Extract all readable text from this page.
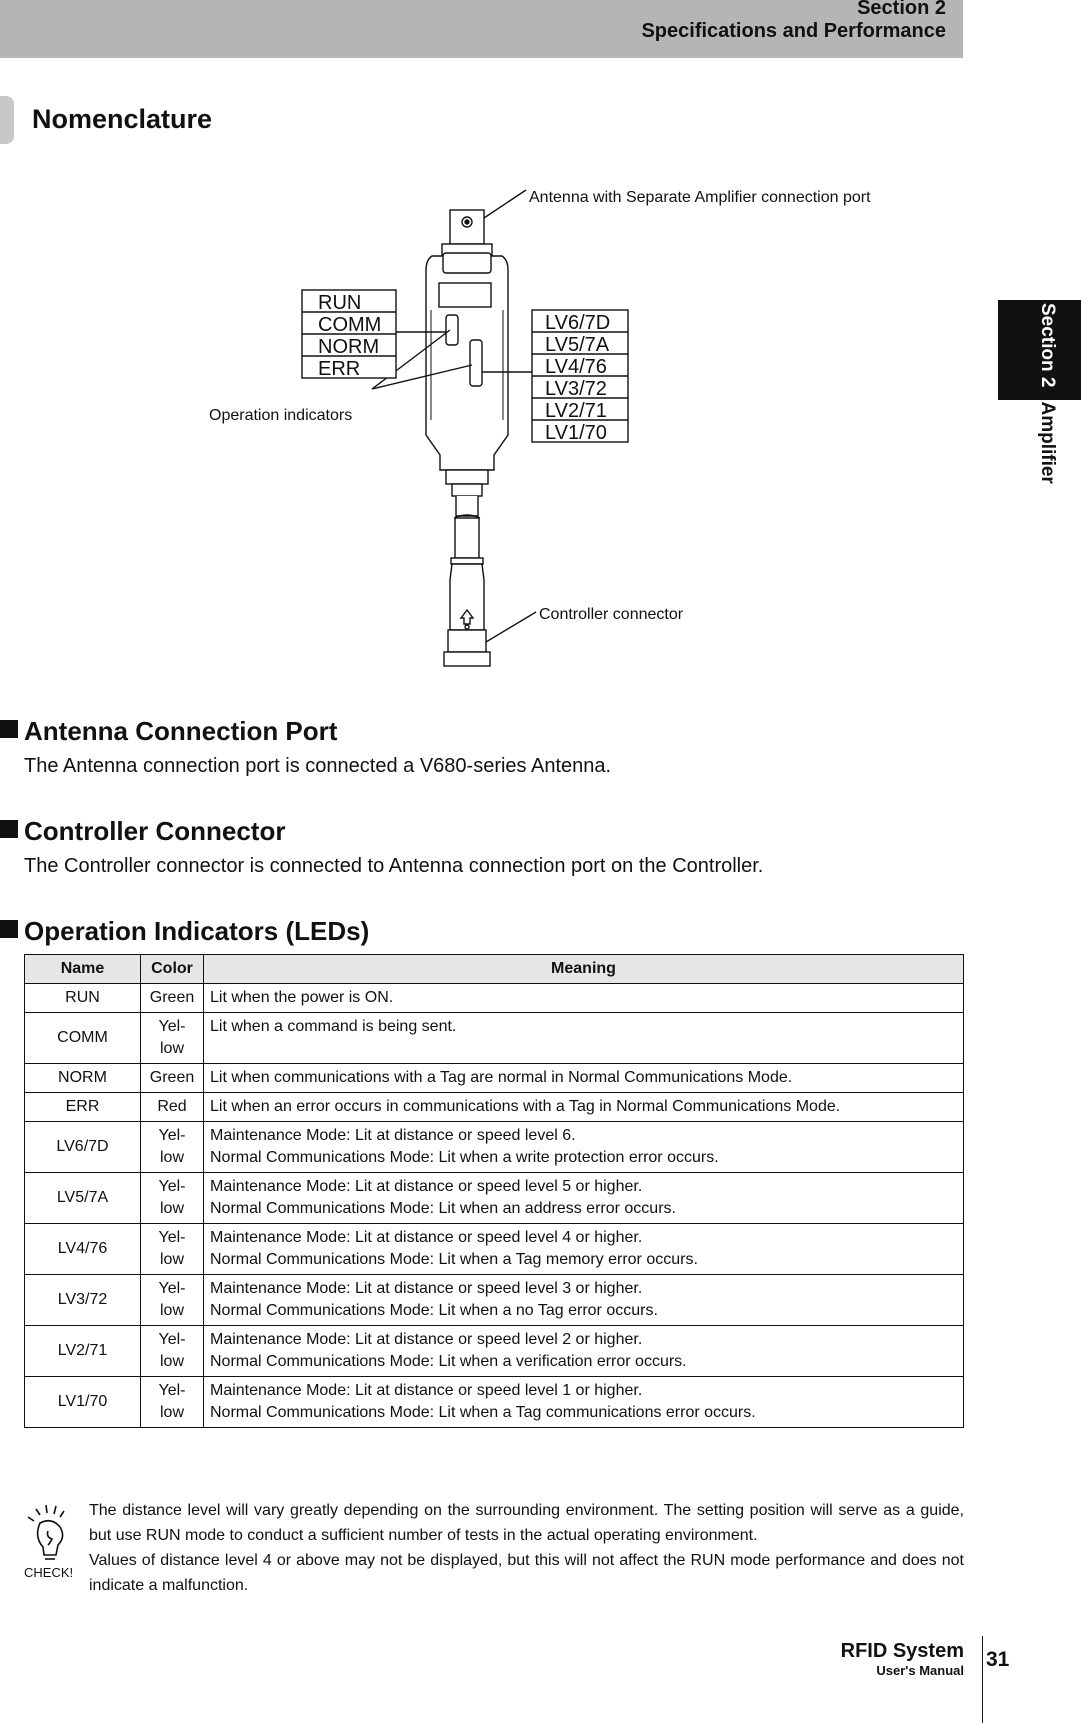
Section 2
Specifications and Performance
Section 2Amplifier
Nomenclature
Antenna with Separate Amplifier connection port
Operation indicators
Controller connector
RUN
COMM
NORM
ERR
LV6/7D
LV5/7A
LV4/76
LV3/72
LV2/71
LV1/70
Antenna Connection Port
The Antenna connection port is connected a V680-series Antenna.
Controller Connector
The Controller connector is connected to Antenna connection port on the Controller.
Operation Indicators (LEDs)
Name	Color	Meaning
RUN	Green	Lit when the power is ON.

COMM	Yel-low	Lit when a command is being sent.

NORM	Green	Lit when communications with a Tag are normal in Normal Communications Mode.

ERR	Red	Lit when an error occurs in communications with a Tag in Normal Communications Mode.

LV6/7D	Yel-low	Maintenance Mode: Lit at distance or speed level 6.
Normal Communications Mode: Lit when a write protection error occurs.

LV5/7A	Yel-low	Maintenance Mode: Lit at distance or speed level 5 or higher.
Normal Communications Mode: Lit when an address error occurs.

LV4/76	Yel-low	Maintenance Mode: Lit at distance or speed level 4 or higher.
Normal Communications Mode: Lit when a Tag memory error occurs.

LV3/72	Yel-low	Maintenance Mode: Lit at distance or speed level 3 or higher.
Normal Communications Mode: Lit when a no Tag error occurs.

LV2/71	Yel-low	Maintenance Mode: Lit at distance or speed level 2 or higher.
Normal Communications Mode: Lit when a verification error occurs.

LV1/70	Yel-low	Maintenance Mode: Lit at distance or speed level 1 or higher.
Normal Communications Mode: Lit when a Tag communications error occurs.
CHECK!

The distance level will vary greatly depending on the surrounding environment. The setting position will serve as a guide, but use RUN mode to conduct a sufficient number of tests in the actual operating environment.

Values of distance level 4 or above may not be displayed, but this will not affect the RUN mode performance and does not indicate a malfunction.

RFID System
User's Manual 31
